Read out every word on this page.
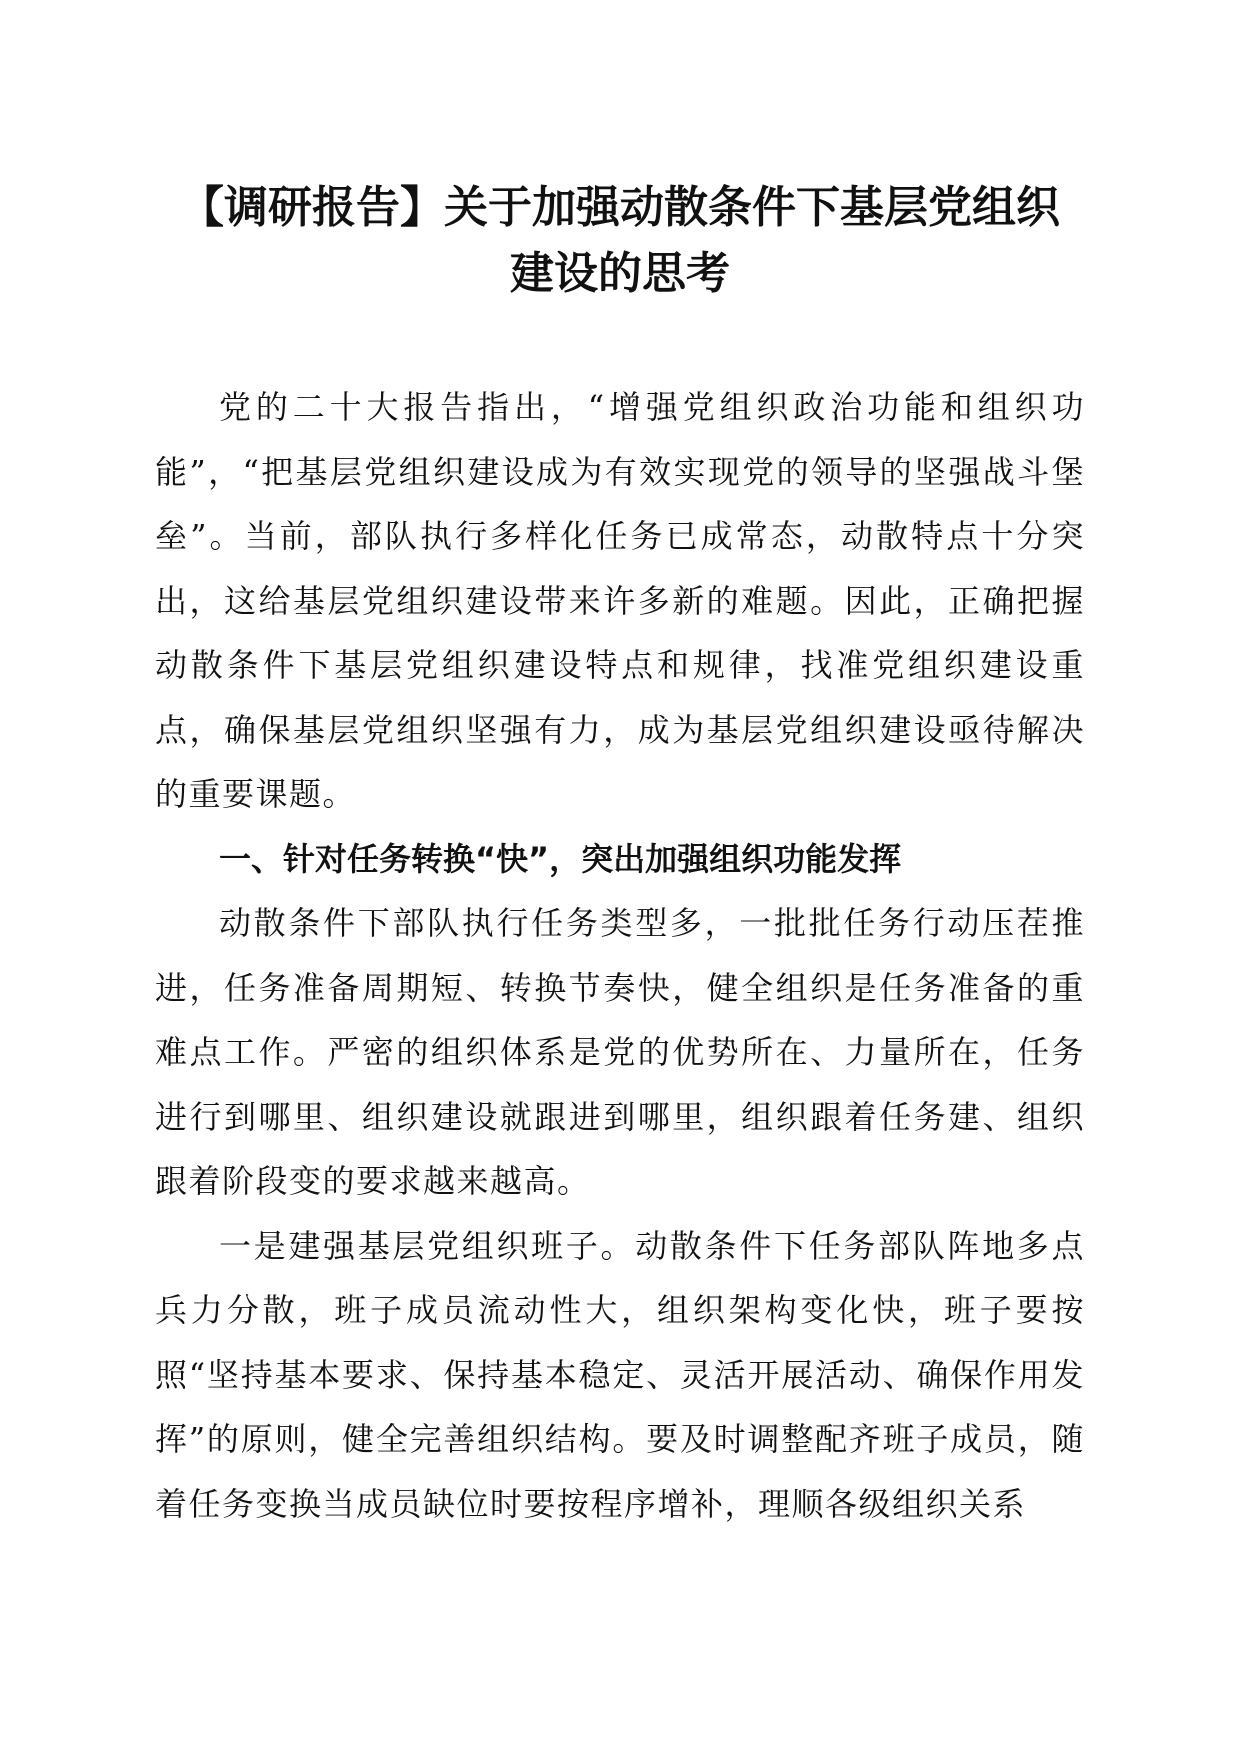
【调研报告】关于加强动散条件下基层党组织
建设的思考

党的二十大报告指出，“增强党组织政治功能和组织功能”，“把基层党组织建设成为有效实现党的领导的坚强战斗堡垒”。当前，部队执行多样化任务已成常态，动散特点十分突出，这给基层党组织建设带来许多新的难题。因此，正确把握动散条件下基层党组织建设特点和规律，找准党组织建设重点，确保基层党组织坚强有力，成为基层党组织建设亟待解决的重要课题。

一、针对任务转换“快”，突出加强组织功能发挥

动散条件下部队执行任务类型多，一批批任务行动压茬推进，任务准备周期短、转换节奏快，健全组织是任务准备的重难点工作。严密的组织体系是党的优势所在、力量所在，任务进行到哪里、组织建设就跟进到哪里，组织跟着任务建、组织跟着阶段变的要求越来越高。

一是建强基层党组织班子。动散条件下任务部队阵地多点兵力分散，班子成员流动性大，组织架构变化快，班子要按照“坚持基本要求、保持基本稳定、灵活开展活动、确保作用发挥”的原则，健全完善组织结构。要及时调整配齐班子成员，随着任务变换当成员缺位时要按程序增补，理顺各级组织关系
